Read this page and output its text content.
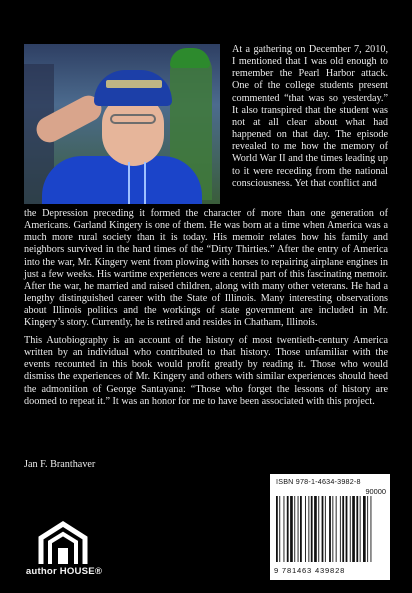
At a gathering on December 7, 2010, I mentioned that I was old enough to remember the Pearl Harbor attack. One of the college students present commented “that was so yesterday.” It also transpired that the student was not at all clear about what had happened on that day. The episode revealed to me how the memory of World War II and the times leading up to it were receding from the national consciousness. Yet that conflict and
the Depression preceding it formed the character of more than one generation of Americans. Garland Kingery is one of them. He was born at a time when America was a much more rural society than it is today. His memoir relates how his family and neighbors survived in the hard times of the “Dirty Thirties.” After the entry of America into the war, Mr. Kingery went from plowing with horses to repairing airplane engines in just a few weeks. His wartime experiences were a central part of this fascinating memoir. After the war, he married and raised children, along with many other veterans. He had a lengthy distinguished career with the State of Illinois. Many interesting observations about Illinois politics and the workings of state government are included in Mr. Kingery’s story. Currently, he is retired and resides in Chatham, Illinois.
This Autobiography is an account of the history of most twentieth-century America written by an individual who contributed to that history. Those unfamiliar with the events recounted in this book would profit greatly by reading it. Those who would dismiss the experiences of Mr. Kingery and others with similar experiences should heed the admonition of George Santayana: “Those who forget the lessons of history are doomed to repeat it.” It was an honor for me to have been associated with this project.
Jan F. Branthaver
author HOUSE®
ISBN 978-1-4634-3982-8
90000
9 781463 439828
